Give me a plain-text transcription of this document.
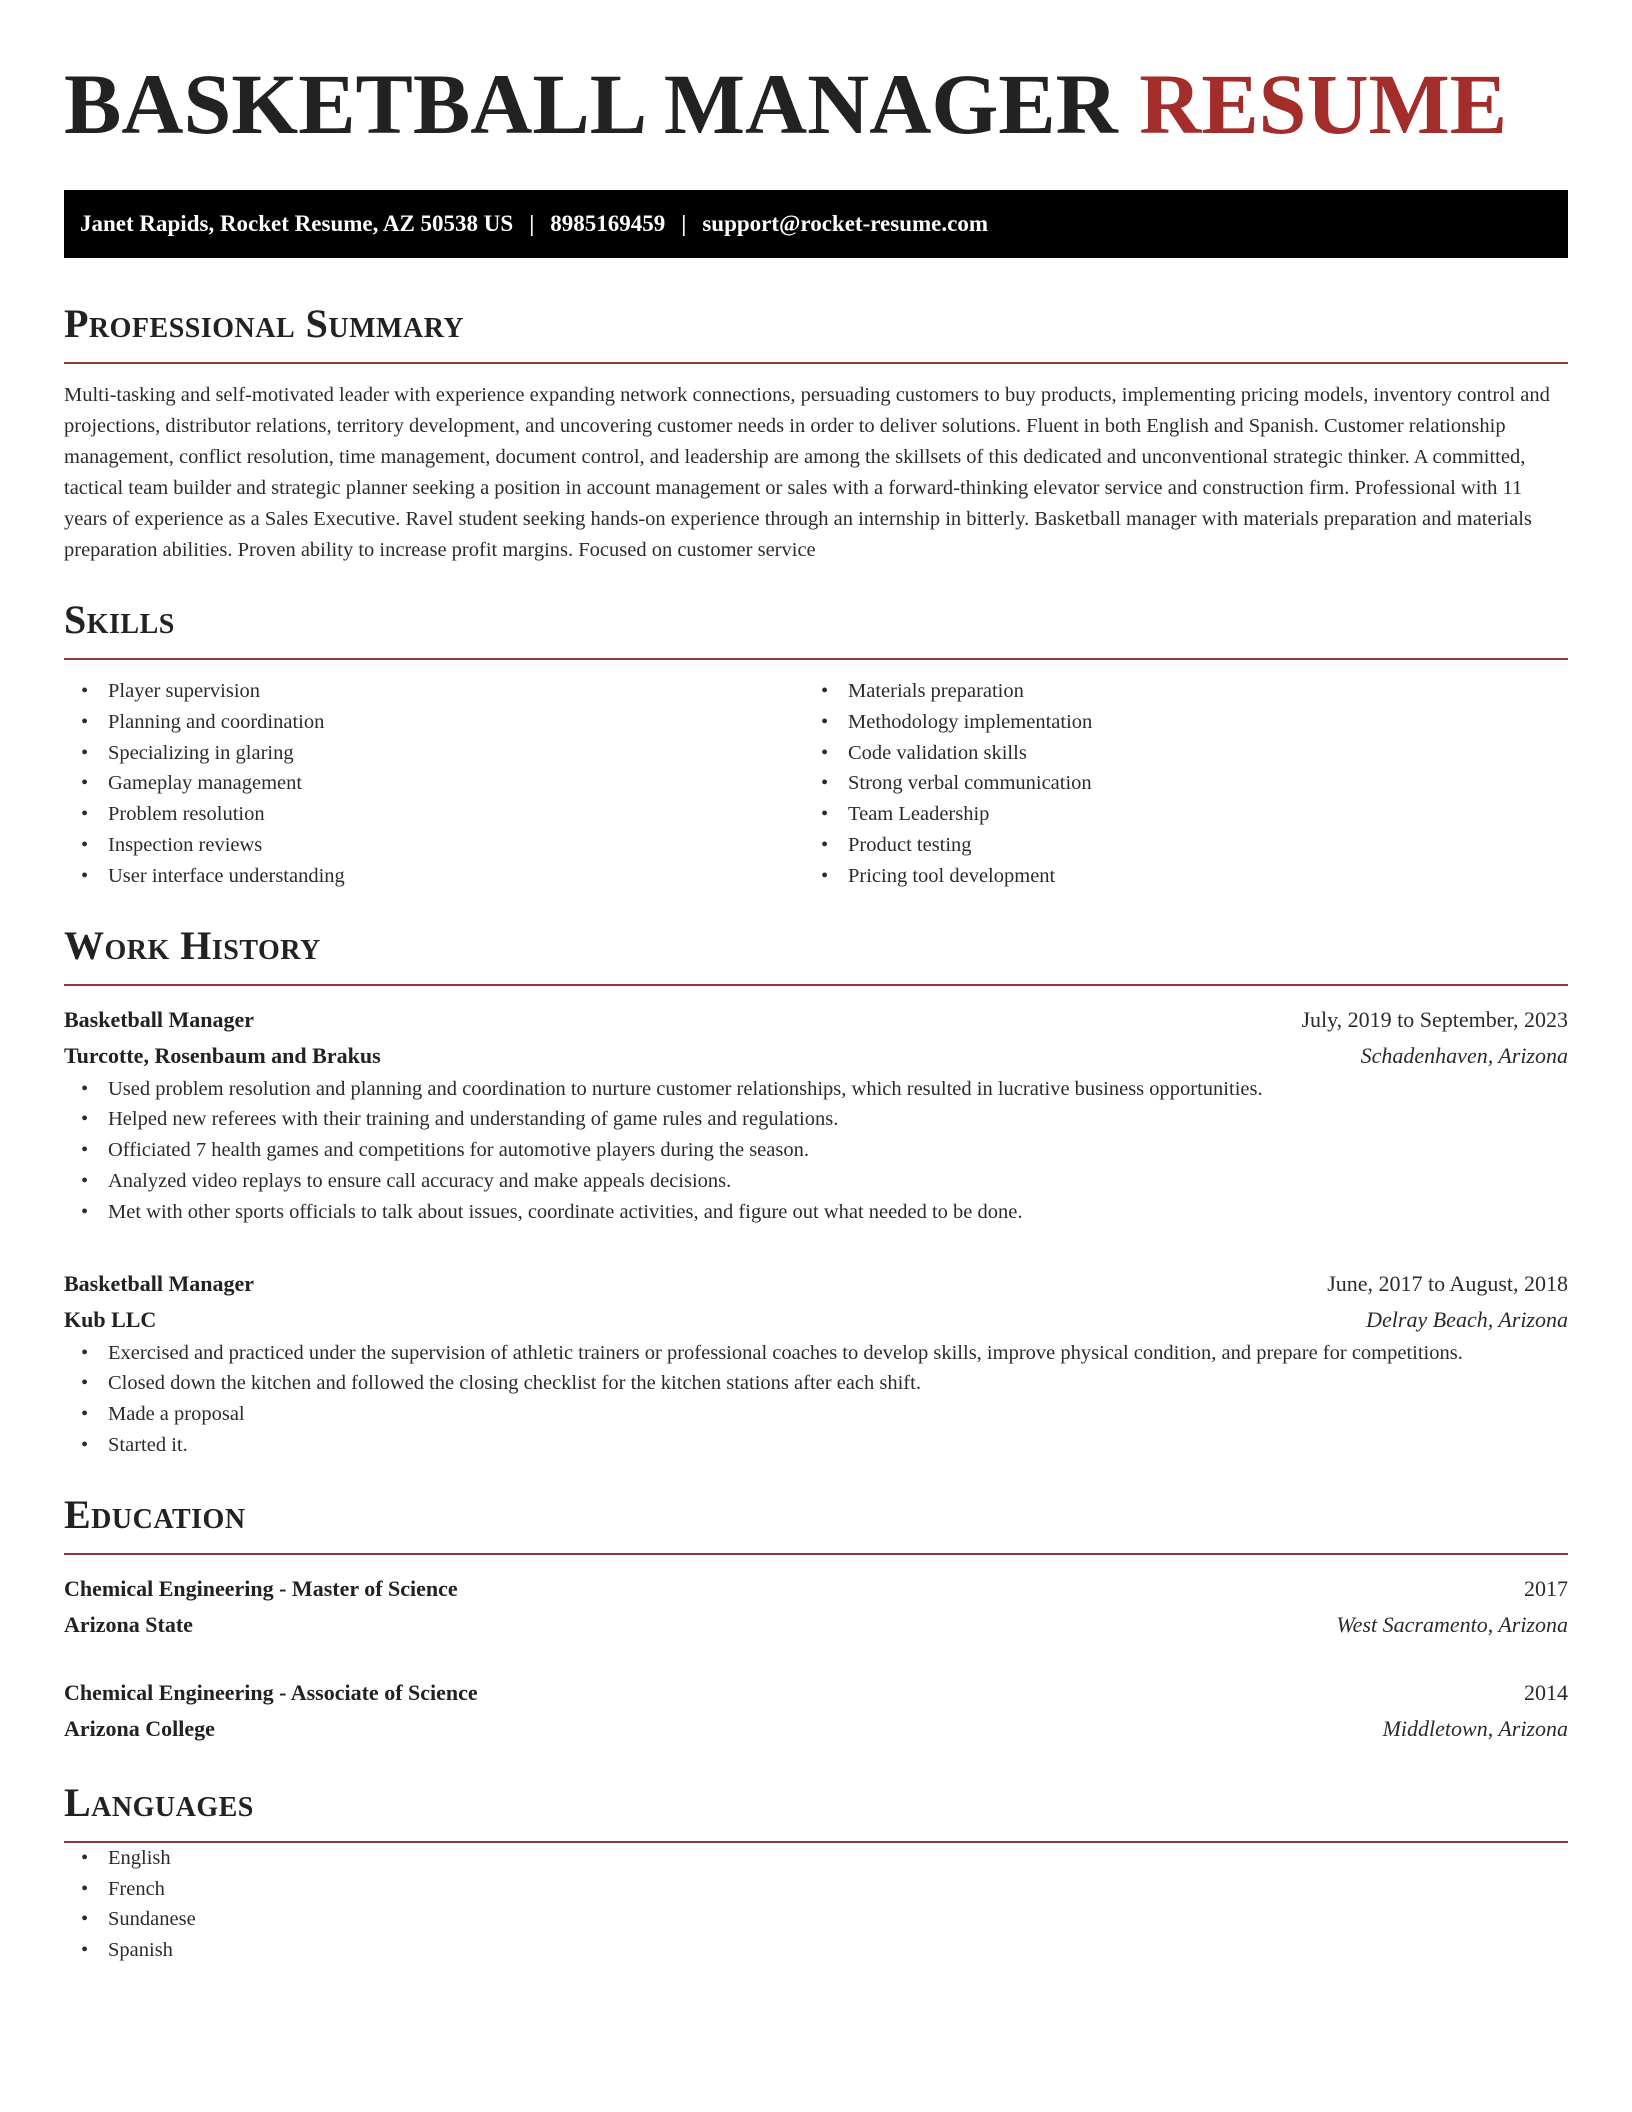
BASKETBALL MANAGER RESUME
Janet Rapids, Rocket Resume, AZ 50538 US | 8985169459 | support@rocket-resume.com
Professional Summary

Multi-tasking and self-motivated leader with experience expanding network connections, persuading customers to buy products, implementing pricing models, inventory control and projections, distributor relations, territory development, and uncovering customer needs in order to deliver solutions. Fluent in both English and Spanish. Customer relationship management, conflict resolution, time management, document control, and leadership are among the skillsets of this dedicated and unconventional strategic thinker. A committed, tactical team builder and strategic planner seeking a position in account management or sales with a forward-thinking elevator service and construction firm. Professional with 11 years of experience as a Sales Executive. Ravel student seeking hands-on experience through an internship in bitterly. Basketball manager with materials preparation and materials preparation abilities. Proven ability to increase profit margins. Focused on customer service

Skills
• Player supervision
• Planning and coordination
• Specializing in glaring
• Gameplay management
• Problem resolution
• Inspection reviews
• User interface understanding
• Materials preparation
• Methodology implementation
• Code validation skills
• Strong verbal communication
• Team Leadership
• Product testing
• Pricing tool development
Work History
Basketball Manager	July, 2019 to September, 2023
Turcotte, Rosenbaum and Brakus	Schadenhaven, Arizona
• Used problem resolution and planning and coordination to nurture customer relationships, which resulted in lucrative business opportunities.
• Helped new referees with their training and understanding of game rules and regulations.
• Officiated 7 health games and competitions for automotive players during the season.
• Analyzed video replays to ensure call accuracy and make appeals decisions.
• Met with other sports officials to talk about issues, coordinate activities, and figure out what needed to be done.
Basketball Manager	June, 2017 to August, 2018
Kub LLC	Delray Beach, Arizona
• Exercised and practiced under the supervision of athletic trainers or professional coaches to develop skills, improve physical condition, and prepare for competitions.
• Closed down the kitchen and followed the closing checklist for the kitchen stations after each shift.
• Made a proposal
• Started it.
Education
Chemical Engineering - Master of Science	2017
Arizona State	West Sacramento, Arizona
Chemical Engineering - Associate of Science	2014
Arizona College	Middletown, Arizona
Languages
• English
• French
• Sundanese
• Spanish
